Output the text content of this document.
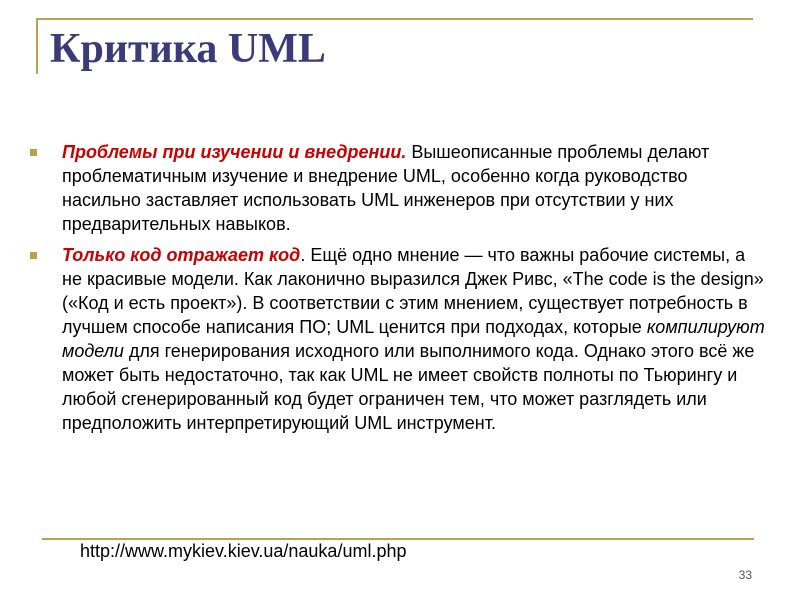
Критика UML
Проблемы при изучении и внедрении. Вышеописанные проблемы делают проблематичным изучение и внедрение UML, особенно когда руководство насильно заставляет использовать UML инженеров при отсутствии у них предварительных навыков.
Только код отражает код. Ещё одно мнение — что важны рабочие системы, а не красивые модели. Как лаконично выразился Джек Ривс, «The code is the design» («Код и есть проект»). В соответствии с этим мнением, существует потребность в лучшем способе написания ПО; UML ценится при подходах, которые компилируют модели для генерирования исходного или выполнимого кода. Однако этого всё же может быть недостаточно, так как UML не имеет свойств полноты по Тьюрингу и любой сгенерированный код будет ограничен тем, что может разглядеть или предположить интерпретирующий UML инструмент.
http://www.mykiev.kiev.ua/nauka/uml.php
33
